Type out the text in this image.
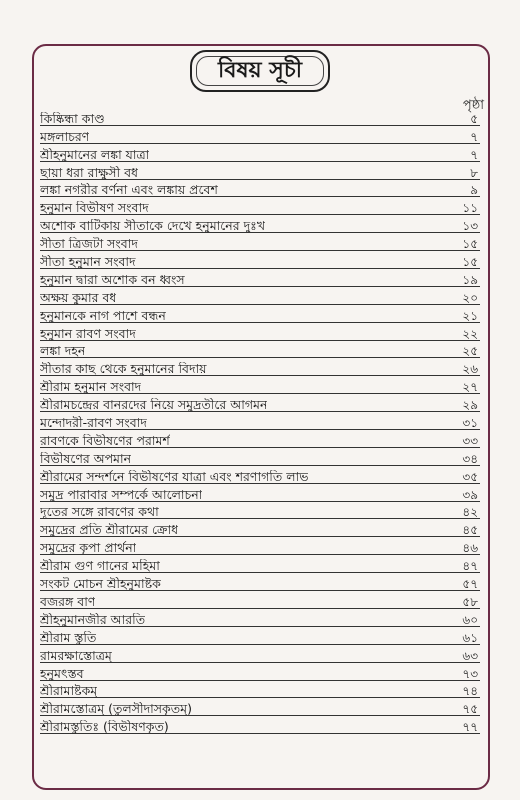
বিষয় সূচী
পৃষ্ঠা
কিষ্কিন্ধা কাণ্ড	৫
মঙ্গলাচরণ	৭
শ্রীহনুমানের লঙ্কা যাত্রা	৭
ছায়া ধরা রাক্ষুসী বধ	৮
লঙ্কা নগরীর বর্ণনা এবং লঙ্কায় প্রবেশ	৯
হনুমান বিভীষণ সংবাদ	১১
অশোক বাটিকায় সীতাকে দেখে হনুমানের দুঃখ	১৩
সীতা ত্রিজটা সংবাদ	১৫
সীতা হনুমান সংবাদ	১৫
হনুমান দ্বারা অশোক বন ধ্বংস	১৯
অক্ষয় কুমার বধ	২০
হনুমানকে নাগ পাশে বন্ধন	২১
হনুমান রাবণ সংবাদ	২২
লঙ্কা দহন	২৫
সীতার কাছ থেকে হনুমানের বিদায়	২৬
শ্রীরাম হনুমান সংবাদ	২৭
শ্রীরামচন্দ্রের বানরদের নিয়ে সমুদ্রতীরে আগমন	২৯
মন্দোদরী-রাবণ সংবাদ	৩১
রাবণকে বিভীষণের পরামর্শ	৩৩
বিভীষণের অপমান	৩৪
শ্রীরামের সন্দর্শনে বিভীষণের যাত্রা এবং শরণাগতি লাভ	৩৫
সমুদ্র পারাবার সম্পর্কে আলোচনা	৩৯
দূতের সঙ্গে রাবণের কথা	৪২
সমুদ্রের প্রতি শ্রীরামের ক্রোধ	৪৫
সমুদ্রের কৃপা প্রার্থনা	৪৬
শ্রীরাম গুণ গানের মহিমা	৪৭
সংকট মোচন শ্রীহনুমাষ্টক	৫৭
বজরঙ্গ বাণ	৫৮
শ্রীহনুমানজীর আরতি	৬০
শ্রীরাম স্তুতি	৬১
রামরক্ষাস্তোত্রম্	৬৩
হনুমৎস্তব	৭৩
শ্রীরামাষ্টকম্	৭৪
শ্রীরামস্তোত্রম্ (তুলসীদাসকৃতম্)	৭৫
শ্রীরামস্তুতিঃ (বিভীষণকৃত)	৭৭
